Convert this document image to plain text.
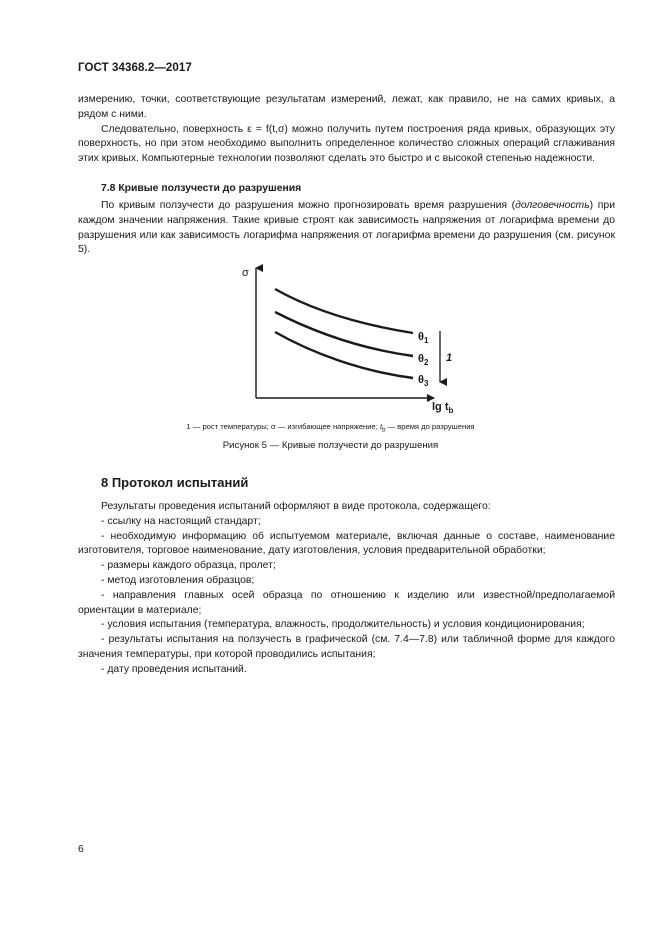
ГОСТ 34368.2—2017

измерению, точки, соответствующие результатам измерений, лежат, как правило, не на самих кривых, а рядом с ними.

Следовательно, поверхность ε = f(t,σ) можно получить путем построения ряда кривых, образующих эту поверхность, но при этом необходимо выполнить определенное количество сложных операций сглаживания этих кривых. Компьютерные технологии позволяют сделать это быстро и с высокой степенью надежности.

7.8 Кривые ползучести до разрушения

По кривым ползучести до разрушения можно прогнозировать время разрушения (долговечность) при каждом значении напряжения. Такие кривые строят как зависимость напряжения от логарифма времени до разрушения или как зависимость логарифма напряжения от логарифма времени до разрушения (см. рисунок 5).

σ
$\lg t_b$
$\theta_1$
$\theta_2$
$\theta_3$
1
1 — рост температуры; σ — изгибающее напряжение; $t_b$ — время до разрушения
Рисунок 5 — Кривые ползучести до разрушения
8 Протокол испытаний

Результаты проведения испытаний оформляют в виде протокола, содержащего:

- ссылку на настоящий стандарт;

- необходимую информацию об испытуемом материале, включая данные о составе, наименование изготовителя, торговое наименование, дату изготовления, условия предварительной обработки;

- размеры каждого образца, пролет;

- метод изготовления образцов;

- направления главных осей образца по отношению к изделию или известной/предполагаемой ориентации в материале;

- условия испытания (температура, влажность, продолжительность) и условия кондиционирования;

- результаты испытания на ползучесть в графической (см. 7.4—7.8) или табличной форме для каждого значения температуры, при которой проводились испытания;

- дату проведения испытаний.

6
